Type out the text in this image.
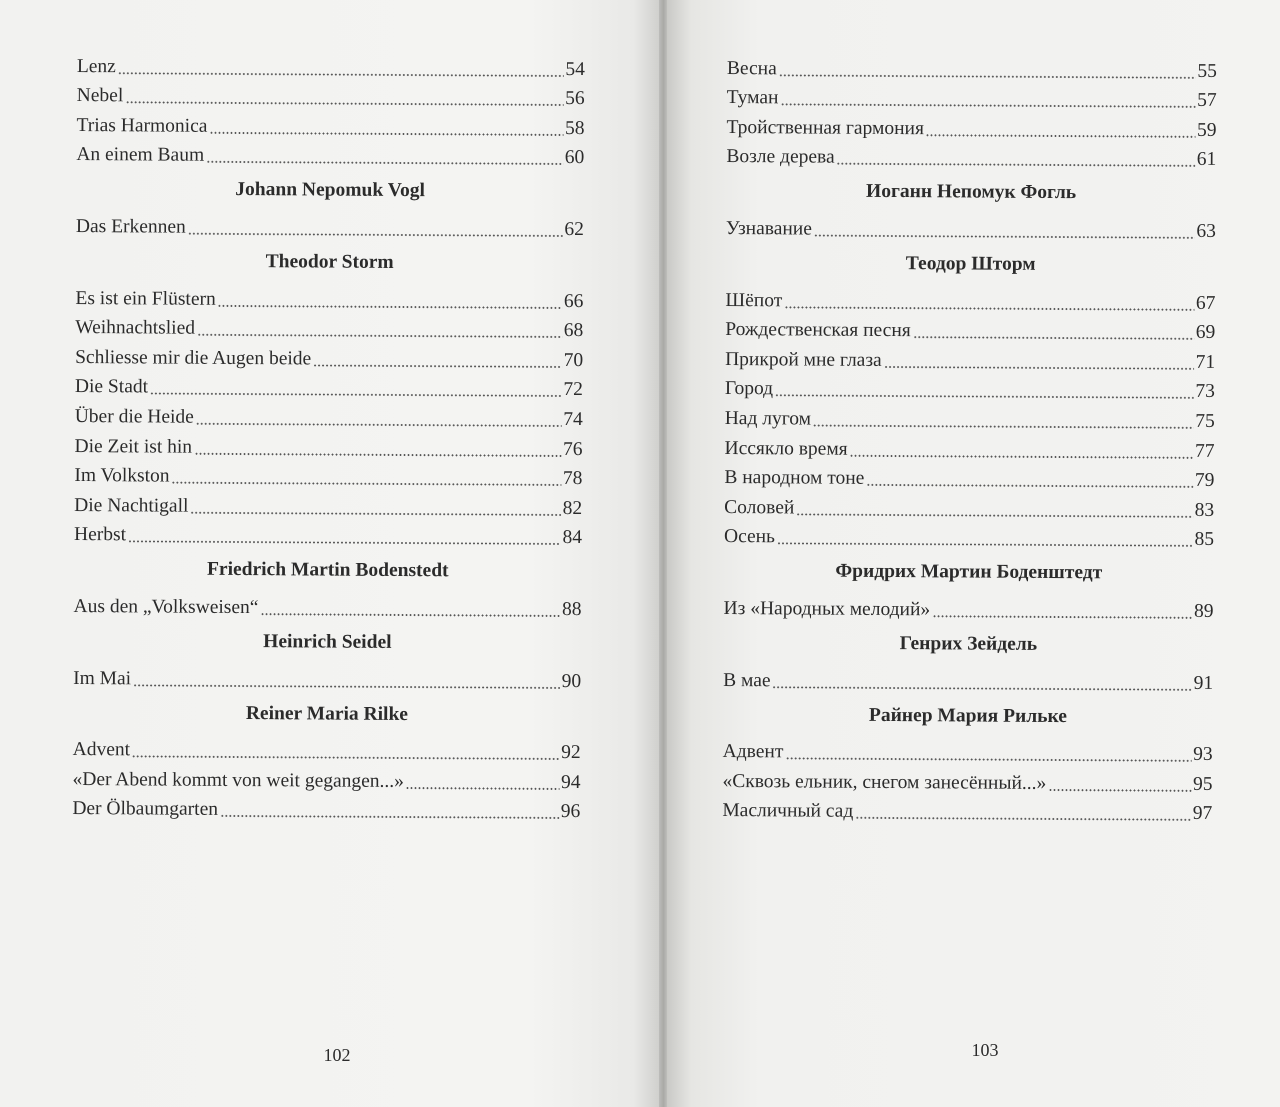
Lenz	54
Nebel	56
Trias Harmonica	58
An einem Baum	60
Johann Nepomuk Vogl
Das Erkennen	62
Theodor Storm
Es ist ein Flüstern	66
Weihnachtslied	68
Schliesse mir die Augen beide	70
Die Stadt	72
Über die Heide	74
Die Zeit ist hin	76
Im Volkston	78
Die Nachtigall	82
Herbst	84
Friedrich Martin Bodenstedt
Aus den „Volksweisen“	88
Heinrich Seidel
Im Mai	90
Reiner Maria Rilke
Advent	92
«Der Abend kommt von weit gegangen...»	94
Der Ölbaumgarten	96
102
Весна	55
Туман	57
Тройственная гармония	59
Возле дерева	61
Иоганн Непомук Фогль
Узнавание	63
Теодор Шторм
Шёпот	67
Рождественская песня	69
Прикрой мне глаза	71
Город	73
Над лугом	75
Иссякло время	77
В народном тоне	79
Соловей	83
Осень	85
Фридрих Мартин Боденштедт
Из «Народных мелодий»	89
Генрих Зейдель
В мае	91
Райнер Мария Рильке
Адвент	93
«Сквозь ельник, снегом занесённый...»	95
Масличный сад	97
103
